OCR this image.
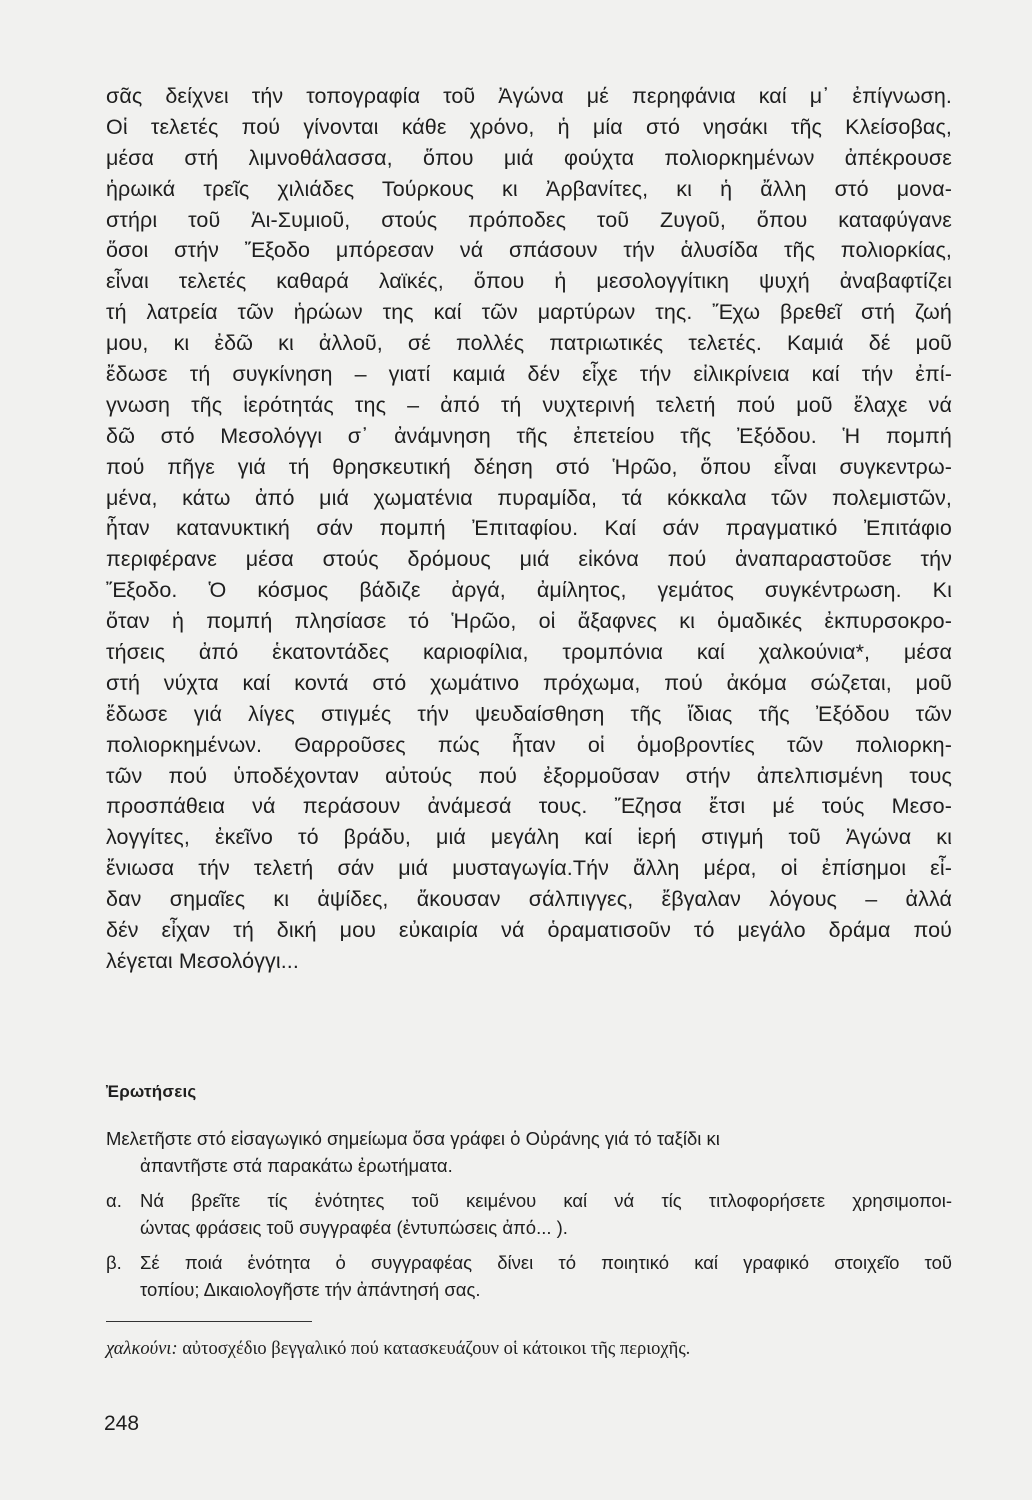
σᾶς δείχνει τήν τοπογραφία τοῦ Ἀγώνα μέ περηφάνια καί μ᾽ ἐπίγνωση.
Οἱ τελετές πού γίνονται κάθε χρόνο, ἡ μία στό νησάκι τῆς Κλείσοβας,
μέσα στή λιμνοθάλασσα, ὅπου μιά φούχτα πολιορκημένων ἀπέκρουσε
ἡρωικά τρεῖς χιλιάδες Τούρκους κι Ἀρβανίτες, κι ἡ ἄλλη στό μονα-
στήρι τοῦ Ἁι-Συμιοῦ, στούς πρόποδες τοῦ Ζυγοῦ, ὅπου καταφύγανε
ὅσοι στήν Ἔξοδο μπόρεσαν νά σπάσουν τήν ἁλυσίδα τῆς πολιορκίας,
εἶναι τελετές καθαρά λαϊκές, ὅπου ἡ μεσολογγίτικη ψυχή ἀναβαφτίζει
τή λατρεία τῶν ἡρώων της καί τῶν μαρτύρων της. Ἔχω βρεθεῖ στή ζωή
μου, κι ἐδῶ κι ἀλλοῦ, σέ πολλές πατριωτικές τελετές. Καμιά δέ μοῦ
ἔδωσε τή συγκίνηση – γιατί καμιά δέν εἶχε τήν εἰλικρίνεια καί τήν ἐπί-
γνωση τῆς ἱερότητάς της – ἀπό τή νυχτερινή τελετή πού μοῦ ἔλαχε νά
δῶ στό Μεσολόγγι σ᾽ ἀνάμνηση τῆς ἐπετείου τῆς Ἐξόδου. Ἡ πομπή
πού πῆγε γιά τή θρησκευτική δέηση στό Ἡρῶο, ὅπου εἶναι συγκεντρω-
μένα, κάτω ἀπό μιά χωματένια πυραμίδα, τά κόκκαλα τῶν πολεμιστῶν,
ἦταν κατανυκτική σάν πομπή Ἐπιταφίου. Καί σάν πραγματικό Ἐπιτάφιο
περιφέρανε μέσα στούς δρόμους μιά εἰκόνα πού ἀναπαραστοῦσε τήν
Ἔξοδο. Ὁ κόσμος βάδιζε ἀργά, ἀμίλητος, γεμάτος συγκέντρωση. Κι
ὅταν ἡ πομπή πλησίασε τό Ἡρῶο, οἱ ἄξαφνες κι ὁμαδικές ἐκπυρσοκρο-
τήσεις ἀπό ἑκατοντάδες καριοφίλια, τρομπόνια καί χαλκούνια*, μέσα
στή νύχτα καί κοντά στό χωμάτινο πρόχωμα, πού ἀκόμα σώζεται, μοῦ
ἔδωσε γιά λίγες στιγμές τήν ψευδαίσθηση τῆς ἴδιας τῆς Ἐξόδου τῶν
πολιορκημένων. Θαρροῦσες πώς ἦταν οἱ ὁμοβροντίες τῶν πολιορκη-
τῶν πού ὑποδέχονταν αὐτούς πού ἐξορμοῦσαν στήν ἀπελπισμένη τους
προσπάθεια νά περάσουν ἀνάμεσά τους. Ἔζησα ἔτσι μέ τούς Μεσο-
λογγίτες, ἐκεῖνο τό βράδυ, μιά μεγάλη καί ἱερή στιγμή τοῦ Ἀγώνα κι
ἔνιωσα τήν τελετή σάν μιά μυσταγωγία.Τήν ἄλλη μέρα, οἱ ἐπίσημοι εἶ-
δαν σημαῖες κι ἁψίδες, ἄκουσαν σάλπιγγες, ἔβγαλαν λόγους – ἀλλά
δέν εἶχαν τή δική μου εὐκαιρία νά ὁραματισοῦν τό μεγάλο δράμα πού
λέγεται Μεσολόγγι...
Ἐρωτήσεις
Μελετῆστε στό εἰσαγωγικό σημείωμα ὅσα γράφει ὁ Οὐράνης γιά τό ταξίδι κι
ἀπαντῆστε στά παρακάτω ἐρωτήματα.
α. Νά βρεῖτε τίς ἑνότητες τοῦ κειμένου καί νά τίς τιτλοφορήσετε χρησιμοποι-
ώντας φράσεις τοῦ συγγραφέα (ἐντυπώσεις ἀπό... ).
β. Σέ ποιά ἑνότητα ὁ συγγραφέας δίνει τό ποιητικό καί γραφικό στοιχεῖο τοῦ
τοπίου; Δικαιολογῆστε τήν ἀπάντησή σας.
χαλκούνι: αὐτοσχέδιο βεγγαλικό πού κατασκευάζουν οἱ κάτοικοι τῆς περιοχῆς.

248
